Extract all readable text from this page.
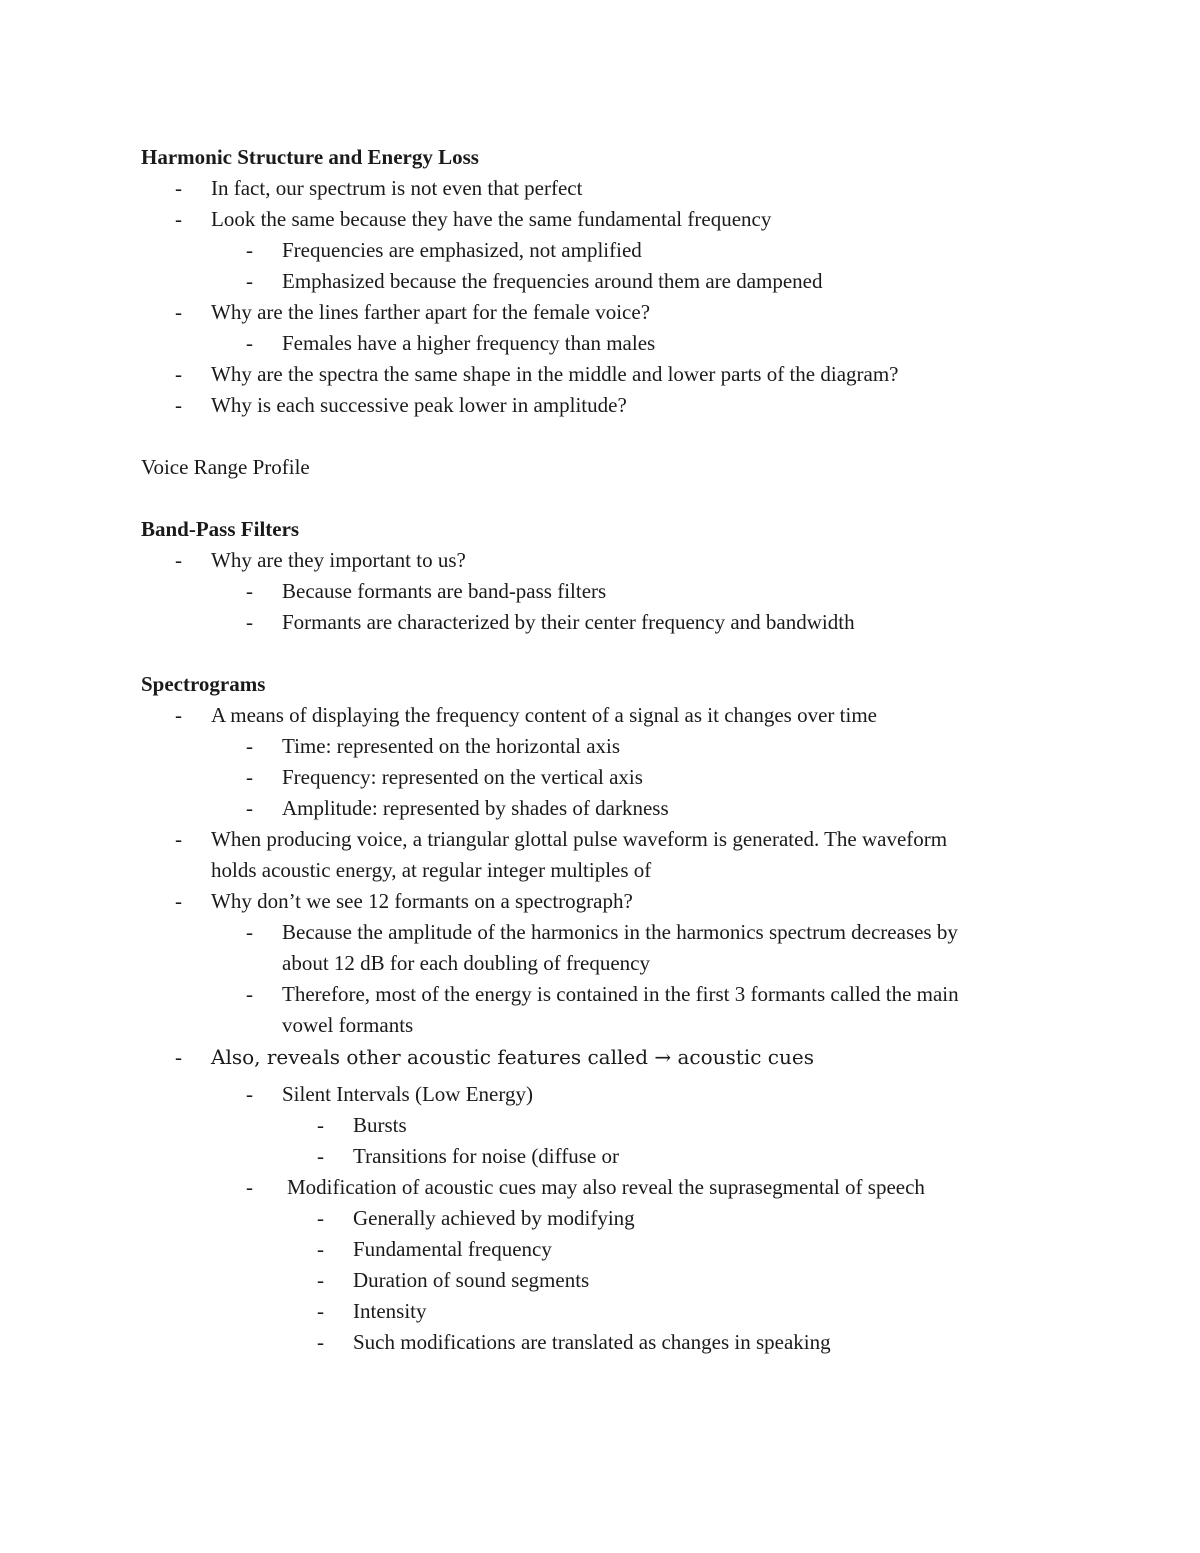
Harmonic Structure and Energy Loss
- In fact, our spectrum is not even that perfect
- Look the same because they have the same fundamental frequency
- Frequencies are emphasized, not amplified
- Emphasized because the frequencies around them are dampened
- Why are the lines farther apart for the female voice?
- Females have a higher frequency than males
- Why are the spectra the same shape in the middle and lower parts of the diagram?
- Why is each successive peak lower in amplitude?
Voice Range Profile
Band-Pass Filters
- Why are they important to us?
- Because formants are band-pass filters
- Formants are characterized by their center frequency and bandwidth
Spectrograms
- A means of displaying the frequency content of a signal as it changes over time
- Time: represented on the horizontal axis
- Frequency: represented on the vertical axis
- Amplitude: represented by shades of darkness
- When producing voice, a triangular glottal pulse waveform is generated. The waveform
holds acoustic energy, at regular integer multiples of
- Why don’t we see 12 formants on a spectrograph?
- Because the amplitude of the harmonics in the harmonics spectrum decreases by
about 12 dB for each doubling of frequency
- Therefore, most of the energy is contained in the first 3 formants called the main
vowel formants
- Also, reveals other acoustic features called → acoustic cues
- Silent Intervals (Low Energy)
- Bursts
- Transitions for noise (diffuse or
- Modification of acoustic cues may also reveal the suprasegmental of speech
- Generally achieved by modifying
- Fundamental frequency
- Duration of sound segments
- Intensity
- Such modifications are translated as changes in speaking
